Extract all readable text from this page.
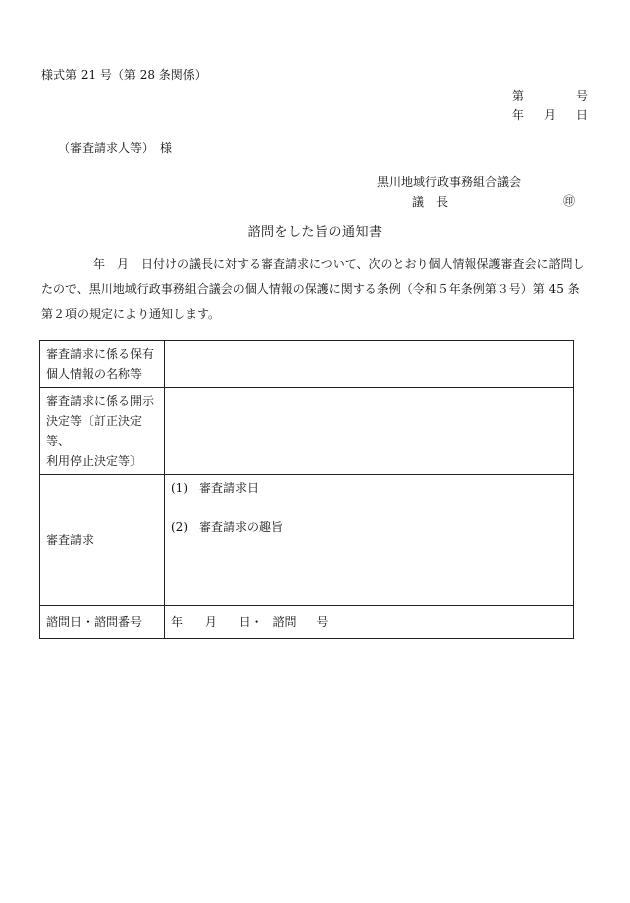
様式第 21 号（第 28 条関係）
第	号
年 月 日
（審査請求人等）　様
黒川地域行政事務組合議会
議　長	㊞
諮問をした旨の通知書
年　月　日付けの議長に対する審査請求について、次のとおり個人情報保護審査会に諮問し
たので、黒川地域行政事務組合議会の個人情報の保護に関する条例（令和５年条例第３号）第 45 条
第２項の規定により通知します。
審査請求に係る保有
個人情報の名称等	

審査請求に係る開示
決定等〔訂正決定等、
利用停止決定等〕	

審査請求	(1) 審査請求日
(2) 審査請求の趣旨

諮問日・諮問番号	年 月 日・ 諮問 号
